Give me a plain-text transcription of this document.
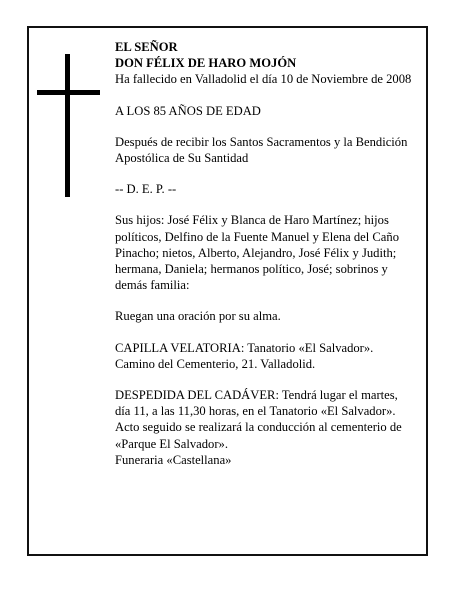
EL SEÑOR

DON FÉLIX DE HARO MOJÓN

Ha fallecido en Valladolid el día 10 de Noviembre de 2008

A LOS 85 AÑOS DE EDAD

Después de recibir los Santos Sacramentos y la Bendición Apostólica de Su Santidad

-- D. E. P. --

Sus hijos: José Félix y Blanca de Haro Martínez; hijos políticos, Delfino de la Fuente Manuel y Elena del Caño Pinacho; nietos, Alberto, Alejandro, José Félix y Judith; hermana, Daniela; hermanos político, José; sobrinos y demás familia:

Ruegan una oración por su alma.

CAPILLA VELATORIA: Tanatorio «El Salvador». Camino del Cementerio, 21. Valladolid.

DESPEDIDA DEL CADÁVER: Tendrá lugar el martes, día 11, a las 11,30 horas, en el Tanatorio «El Salvador». Acto seguido se realizará la conducción al cementerio de «Parque El Salvador».

Funeraria «Castellana»
